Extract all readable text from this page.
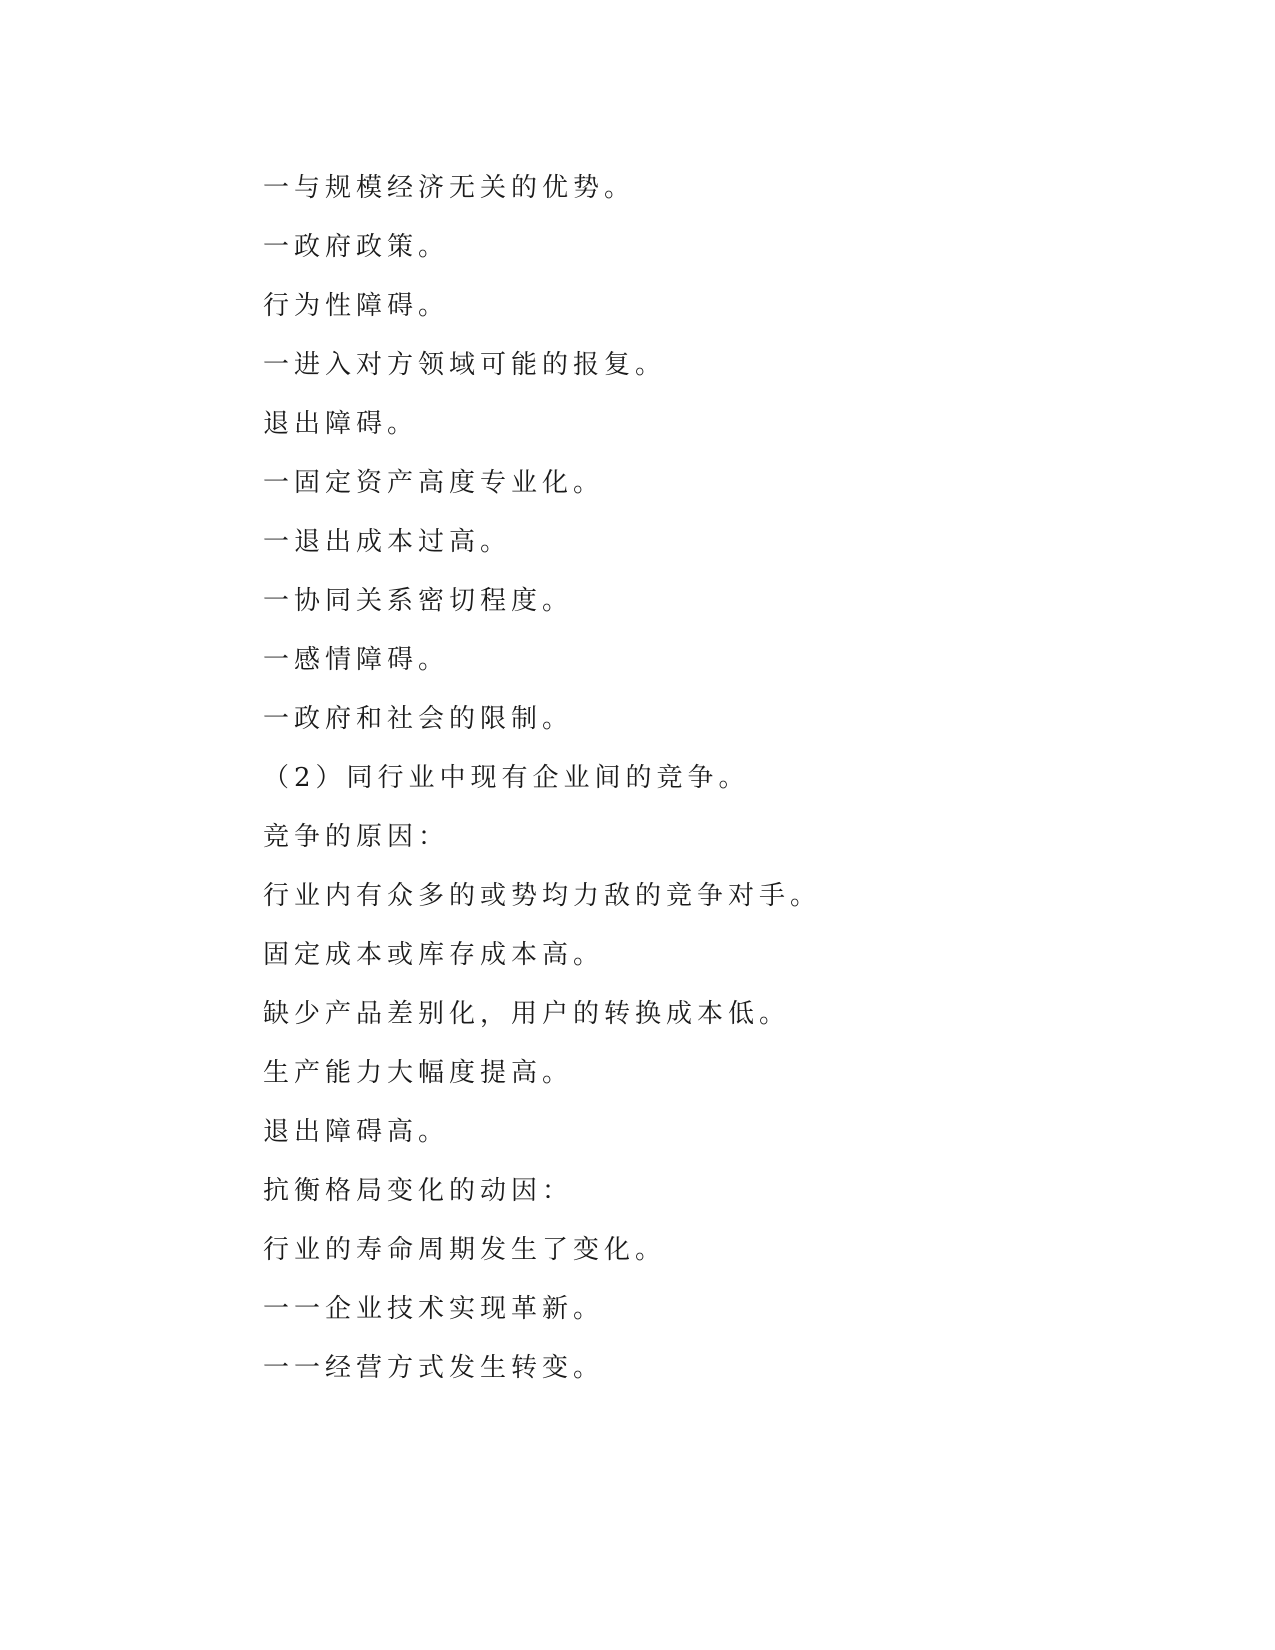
一与规模经济无关的优势。
一政府政策。
行为性障碍。
一进入对方领域可能的报复。
退出障碍。
一固定资产高度专业化。
一退出成本过高。
一协同关系密切程度。
一感情障碍。
一政府和社会的限制。
（2）同行业中现有企业间的竞争。
竞争的原因：
行业内有众多的或势均力敌的竞争对手。
固定成本或库存成本高。
缺少产品差别化，用户的转换成本低。
生产能力大幅度提高。
退出障碍高。
抗衡格局变化的动因：
行业的寿命周期发生了变化。
一一企业技术实现革新。
一一经营方式发生转变。
